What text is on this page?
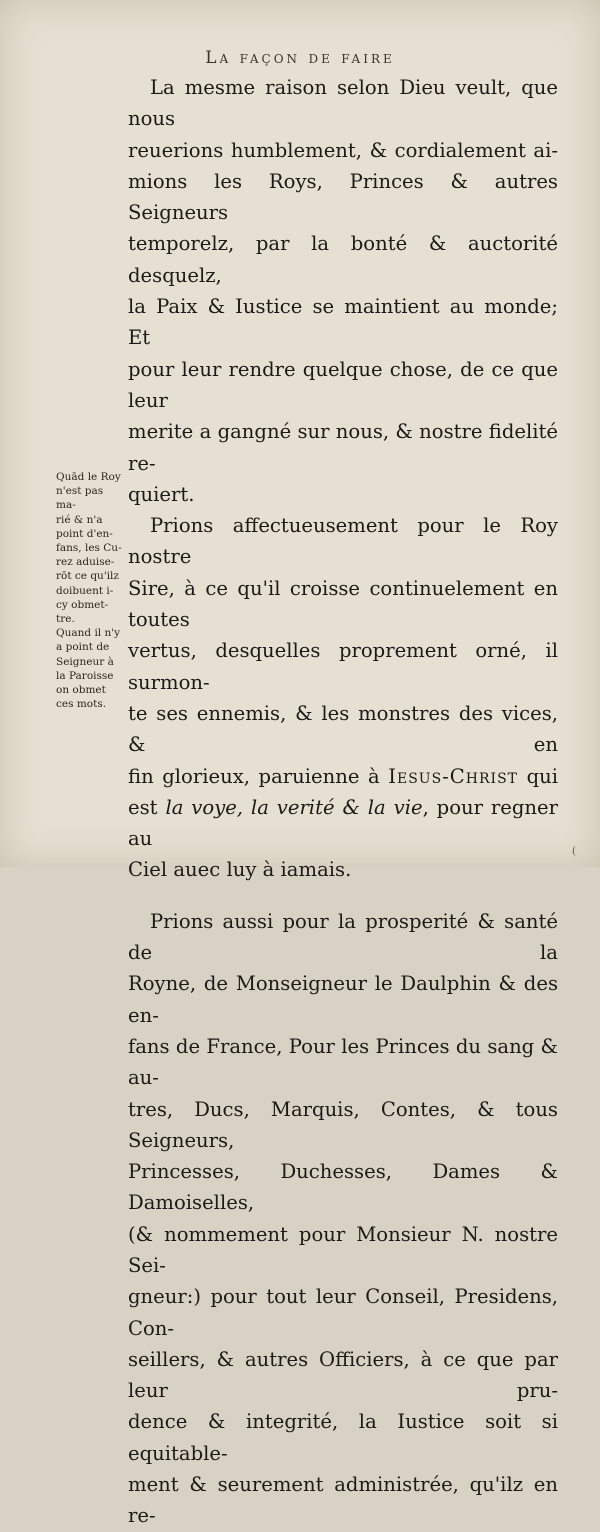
La façon de faire

La mesme raison selon Dieu veult, que nous

reuerions humblement, & cordialement ai-

mions les Roys, Princes & autres Seigneurs

temporelz, par la bonté & auctorité desquelz,

la Paix & Iustice se maintient au monde; Et

pour leur rendre quelque chose, de ce que leur

merite a gangné sur nous, & nostre fidelité re-

quiert.

Prions affectueusement pour le Roy nostre

Sire, à ce qu'il croisse continuelement en toutes

vertus, desquelles proprement orné, il surmon-

te ses ennemis, & les monstres des vices, & en

fin glorieux, paruienne à Iesus-Christ qui

est la voye, la verité & la vie, pour regner au

Ciel auec luy à iamais.

Prions aussi pour la prosperité & santé de la

Royne, de Monseigneur le Daulphin & des en-

fans de France, Pour les Princes du sang & au-

tres, Ducs, Marquis, Contes, & tous Seigneurs,

Princesses, Duchesses, Dames & Damoiselles,

(& nommement pour Monsieur N. nostre Sei-

gneur:) pour tout leur Conseil, Presidens, Con-

seillers, & autres Officiers, à ce que par leur pru-

dence & integrité, la Iustice soit si equitable-

ment & seurement administrée, qu'ilz en re-

Quād le Roy

n'est pas ma-

rié & n'a

point d'en-

fans, les Cu-

rez aduise-

rōt ce qu'ilz

doibuent i-

cy obmet-

tre.

Quand il n'y

a point de

Seigneur à

la Paroisse

on obmet

ces mots.

(
